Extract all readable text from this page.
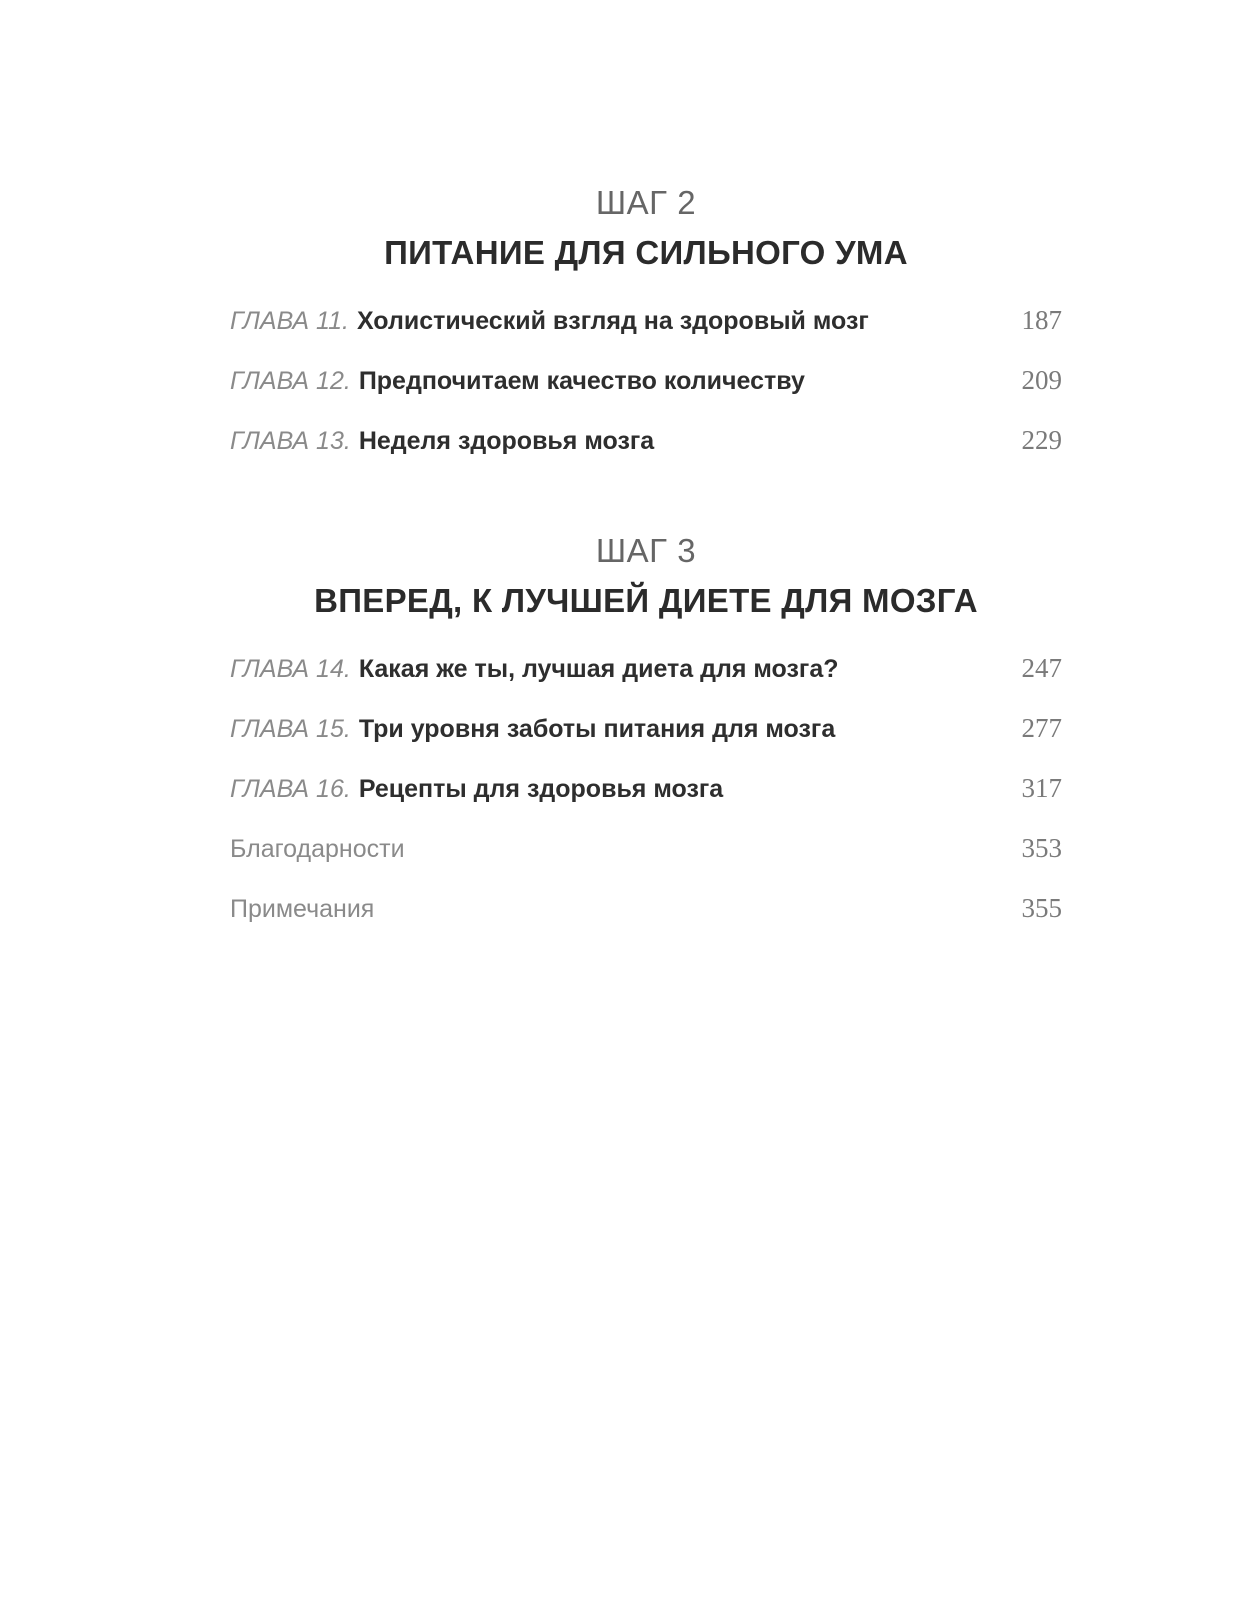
ШАГ 2
ПИТАНИЕ ДЛЯ СИЛЬНОГО УМА
ГЛАВА 11 . Холистический взгляд на здоровый мозг	187
ГЛАВА 12 . Предпочитаем качество количеству	209
ГЛАВА 13 . Неделя здоровья мозга	229
ШАГ 3
ВПЕРЕД, К ЛУЧШЕЙ ДИЕТЕ ДЛЯ МОЗГА
ГЛАВА 14 . Какая же ты, лучшая диета для мозга?	247
ГЛАВА 15 . Три уровня заботы питания для мозга	277
ГЛАВА 16 . Рецепты для здоровья мозга	317
Благодарности	353
Примечания	355
